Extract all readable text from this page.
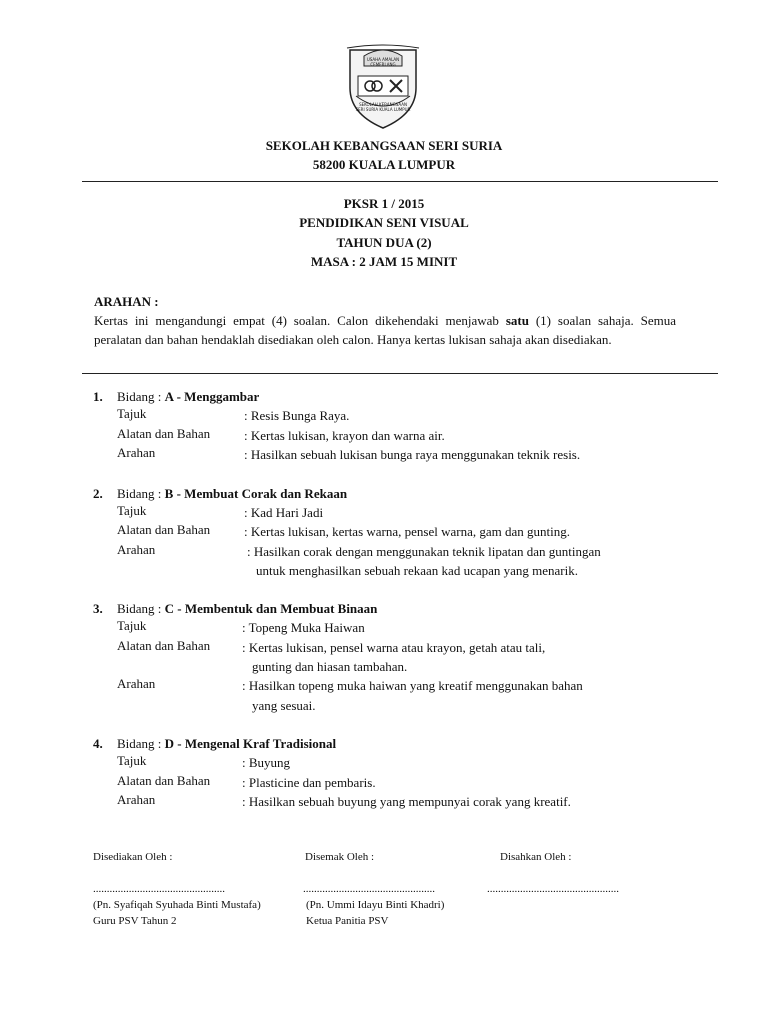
USAHA AMALAN CEMERLANG
SEKOLAH KEBANGSAAN SERI SURIA KUALA LUMPUR
SEKOLAH KEBANGSAAN SERI SURIA
58200 KUALA LUMPUR
PKSR 1 / 2015
PENDIDIKAN SENI VISUAL
TAHUN DUA (2)
MASA : 2 JAM 15 MINIT
ARAHAN :
Kertas ini mengandungi empat (4) soalan. Calon dikehendaki menjawab satu (1) soalan sahaja. Semua peralatan dan bahan hendaklah disediakan oleh calon. Hanya kertas lukisan sahaja akan disediakan.
1. Bidang : A - Menggambar
Tajuk	: Resis Bunga Raya.
Alatan dan Bahan	: Kertas lukisan, krayon dan warna air.
Arahan	: Hasilkan sebuah lukisan bunga raya menggunakan teknik resis.
2. Bidang : B - Membuat Corak dan Rekaan
Tajuk	: Kad Hari Jadi
Alatan dan Bahan	: Kertas lukisan, kertas warna, pensel warna, gam dan gunting.
Arahan	: Hasilkan corak dengan menggunakan teknik lipatan dan guntingan
untuk menghasilkan sebuah rekaan kad ucapan yang menarik.
3. Bidang : C - Membentuk dan Membuat Binaan
Tajuk	: Topeng Muka Haiwan
Alatan dan Bahan : Kertas lukisan, pensel warna atau krayon, getah atau tali,
gunting dan hiasan tambahan.
Arahan	: Hasilkan topeng muka haiwan yang kreatif menggunakan bahan
yang sesuai.
4. Bidang : D - Mengenal Kraf Tradisional
Tajuk	: Buyung
Alatan dan Bahan : Plasticine dan pembaris.
Arahan	: Hasilkan sebuah buyung yang mempunyai corak yang kreatif.
Disediakan Oleh :	Disemak Oleh :	Disahkan Oleh :
................................................	................................................	................................................
(Pn. Syafiqah Syuhada Binti Mustafa)	(Pn. Ummi Idayu Binti Khadri)
Guru PSV Tahun 2	Ketua Panitia PSV
